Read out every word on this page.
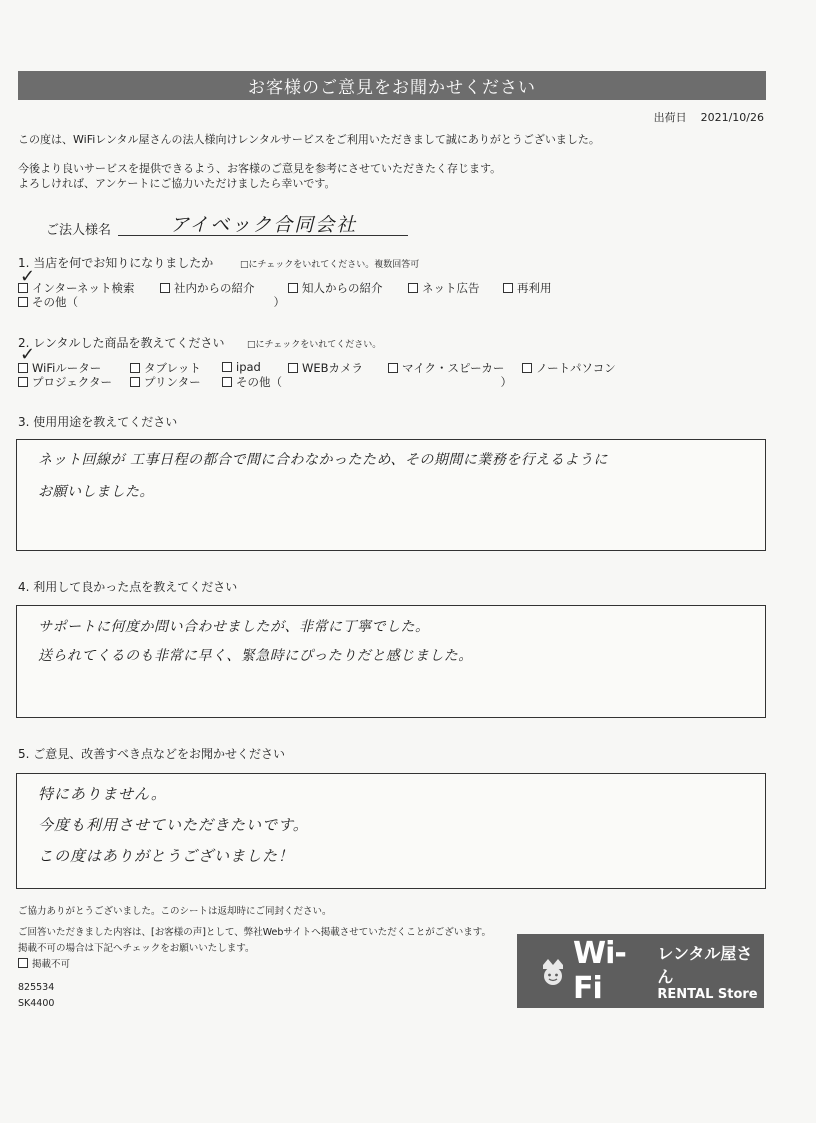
お客様のご意見をお聞かせください
出荷日 2021/10/26
この度は、WiFiレンタル屋さんの法人様向けレンタルサービスをご利用いただきまして誠にありがとうございました。
今後より良いサービスを提供できるよう、お客様のご意見を参考にさせていただきたく存じます。
よろしければ、アンケートにご協力いただけましたら幸いです。
ご法人様名	アイベック合同会社
1. 当店を何でお知りになりましたか	□にチェックをいれてください。複数回答可
インターネット検索
✓
社内からの紹介	知人からの紹介	ネット広告	再利用
その他（　　　　　　　　　　　　　　　　　）
2. レンタルした商品を教えてください	□にチェックをいれてください。
WiFiルーター
✓
タブレット	ipad	WEBカメラ	マイク・スピーカー	ノートパソコン
プロジェクター	プリンター	その他（　　　　　　　　　　　　　　　　　　　）
3. 使用用途を教えてください
ネット回線が 工事日程の都合で間に合わなかったため、その期間に業務を行えるように
お願いしました。
4. 利用して良かった点を教えてください
サポートに何度か問い合わせましたが、非常に丁寧でした。
送られてくるのも非常に早く、緊急時にぴったりだと感じました。
5. ご意見、改善すべき点などをお聞かせください
特にありません。
今度も利用させていただきたいです。
この度はありがとうございました！
ご協力ありがとうございました。このシートは返却時にご同封ください。
ご回答いただきました内容は、[お客様の声]として、弊社Webサイトへ掲載させていただくことがございます。
掲載不可の場合は下記へチェックをお願いいたします。
掲載不可
825534
SK4400
Wi-Fi
レンタル屋さん
RENTAL Store
